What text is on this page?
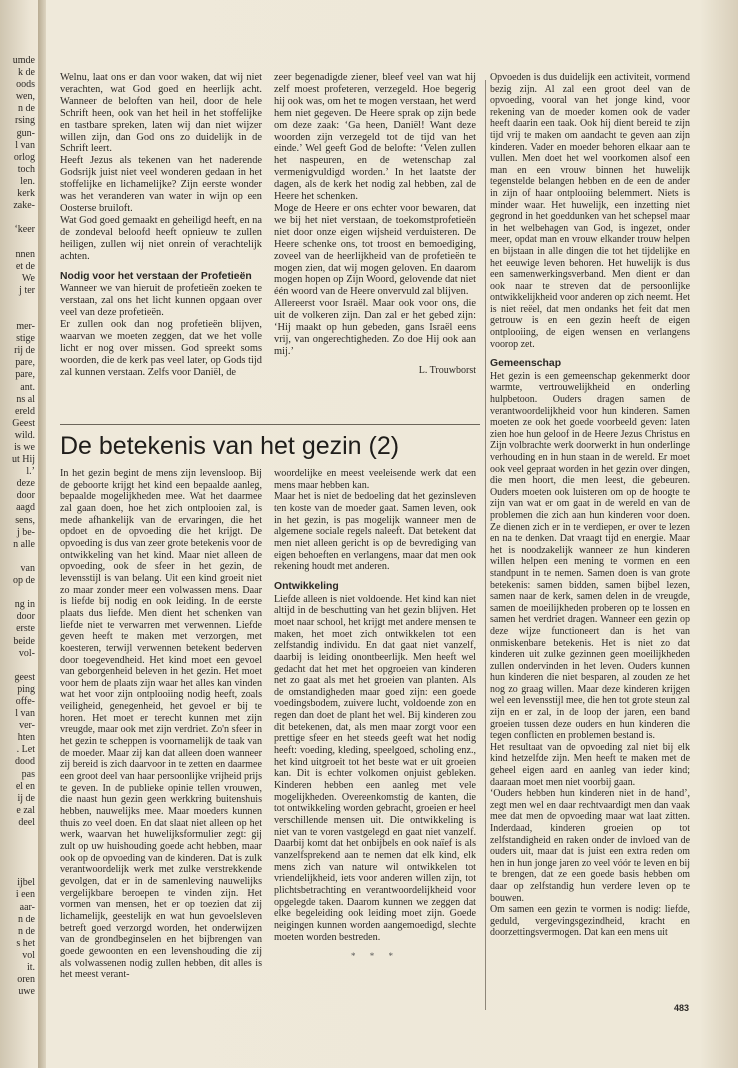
umde
k de
oods
wen,
n de
rsing
gun-
l van
orlog
toch
len.
kerk
zake-
‘keer
nnen
et de
We
j ter
mer-
stige
rij de
pare,
pare,
ant.
ns al
ereld
Geest
wild.
is we
ut Hij
l.’
deze
door
aagd
sens,
j be-
n alle
van
op de
ng in
door
erste
beide
vol-
geest
ping
offe-
l van
ver-
hten
. Let
dood
pas
el en
ij de
e zal
deel
ijbel
i een
aar-
n de
n de
s het
vol
it.
oren
uwe

Welnu, laat ons er dan voor waken, dat wij niet verachten, wat God goed en heerlijk acht. Wanneer de beloften van heil, door de hele Schrift heen, ook van het heil in het stoffelijke en tastbare spreken, laten wij dan niet wijzer willen zijn, dan God ons zo duidelijk in de Schrift leert.

Heeft Jezus als tekenen van het naderende Godsrijk juist niet veel wonderen gedaan in het stoffelijke en lichamelijke? Zijn eerste wonder was het veranderen van water in wijn op een Oosterse bruiloft.

Wat God goed gemaakt en geheiligd heeft, en na de zondeval beloofd heeft opnieuw te zullen heiligen, zullen wij niet onrein of verachtelijk achten.

Nodig voor het verstaan der Profetieën

Wanneer we van hieruit de profetieën zoeken te verstaan, zal ons het licht kunnen opgaan over veel van deze profetieën.

Er zullen ook dan nog profetieën blijven, waarvan we moeten zeggen, dat we het volle licht er nog over missen. God spreekt soms woorden, die de kerk pas veel later, op Gods tijd zal kunnen verstaan. Zelfs voor Daniël, de

zeer begenadigde ziener, bleef veel van wat hij zelf moest profeteren, verzegeld. Hoe begerig hij ook was, om het te mogen verstaan, het werd hem niet gegeven. De Heere sprak op zijn bede om deze zaak: ‘Ga heen, Daniël! Want deze woorden zijn verzegeld tot de tijd van het einde.’ Wel geeft God de belofte: ‘Velen zullen het naspeuren, en de wetenschap zal vermenigvuldigd worden.’ In het laatste der dagen, als de kerk het nodig zal hebben, zal de Heere het schenken.

Moge de Heere er ons echter voor bewaren, dat we bij het niet verstaan, de toekomstprofetieën niet door onze eigen wijsheid verduisteren. De Heere schenke ons, tot troost en bemoediging, zoveel van de heerlijkheid van de profetieën te mogen zien, dat wij mogen geloven. En daarom mogen hopen op Zijn Woord, gelovende dat niet één woord van de Heere onvervuld zal blijven.

Allereerst voor Israël. Maar ook voor ons, die uit de volkeren zijn. Dan zal er het gebed zijn: ‘Hij maakt op hun gebeden, gans Israël eens vrij, van ongerechtigheden. Zo doe Hij ook aan mij.’

L. Trouwborst
De betekenis van het gezin (2)

In het gezin begint de mens zijn levensloop. Bij de geboorte krijgt het kind een bepaalde aanleg, bepaalde mogelijkheden mee. Wat het daarmee zal gaan doen, hoe het zich ontplooien zal, is mede afhankelijk van de ervaringen, die het opdoet en de opvoeding die het krijgt. De opvoeding is dus van zeer grote betekenis voor de ontwikkeling van het kind. Maar niet alleen de opvoeding, ook de sfeer in het gezin, de levensstijl is van belang. Uit een kind groeit niet zo maar zonder meer een volwassen mens. Daar is liefde bij nodig en ook leiding. In de eerste plaats dus liefde. Men dient het schenken van liefde niet te verwarren met verwennen. Liefde geven heeft te maken met verzorgen, met koesteren, terwijl verwennen betekent bederven door toegevendheid. Het kind moet een gevoel van geborgenheid beleven in het gezin. Het moet voor hem de plaats zijn waar het alles kan vinden wat het voor zijn ontplooiing nodig heeft, zoals veiligheid, genegenheid, het gevoel er bij te horen. Het moet er terecht kunnen met zijn vreugde, maar ook met zijn verdriet. Zo'n sfeer in het gezin te scheppen is voornamelijk de taak van de moeder. Maar zij kan dat alleen doen wanneer zij bereid is zich daarvoor in te zetten en daarmee een groot deel van haar persoonlijke vrijheid prijs te geven. In de publieke opinie tellen vrouwen, die naast hun gezin geen werkkring buitenshuis hebben, nauwelijks mee. Maar moeders kunnen thuis zo veel doen. En dat slaat niet alleen op het werk, waarvan het huwelijksformulier zegt: gij zult op uw huishouding goede acht hebben, maar ook op de opvoeding van de kinderen. Dat is zulk verantwoordelijk werk met zulke verstrekkende gevolgen, dat er in de samenleving nauwelijks vergelijkbare beroepen te vinden zijn. Het vormen van mensen, het er op toezien dat zij lichamelijk, geestelijk en wat hun gevoelsleven betreft goed verzorgd worden, het onderwijzen van de grondbeginselen en het bijbrengen van goede gewoonten en een levenshouding die zij als volwassenen nodig zullen hebben, dit alles is het meest verant-

woordelijke en meest veeleisende werk dat een mens maar hebben kan.

Maar het is niet de bedoeling dat het gezinsleven ten koste van de moeder gaat. Samen leven, ook in het gezin, is pas mogelijk wanneer men de algemene sociale regels naleeft. Dat betekent dat men niet alleen gericht is op de bevrediging van eigen behoeften en verlangens, maar dat men ook rekening houdt met anderen.

Ontwikkeling

Liefde alleen is niet voldoende. Het kind kan niet altijd in de beschutting van het gezin blijven. Het moet naar school, het krijgt met andere mensen te maken, het moet zich ontwikkelen tot een zelfstandig individu. En dat gaat niet vanzelf, daarbij is leiding onontbeerlijk. Men heeft wel gedacht dat het met het opgroeien van kinderen net zo gaat als met het groeien van planten. Als de omstandigheden maar goed zijn: een goede voedingsbodem, zuivere lucht, voldoende zon en regen dan doet de plant het wel. Bij kinderen zou dit betekenen, dat, als men maar zorgt voor een prettige sfeer en het steeds geeft wat het nodig heeft: voeding, kleding, speelgoed, scholing enz., het kind uitgroeit tot het beste wat er uit groeien kan. Dit is echter volkomen onjuist gebleken. Kinderen hebben een aanleg met vele mogelijkheden. Overeenkomstig de kanten, die tot ontwikkeling worden gebracht, groeien er heel verschillende mensen uit. Die ontwikkeling is niet van te voren vastgelegd en gaat niet vanzelf. Daarbij komt dat het onbijbels en ook naïef is als vanzelfsprekend aan te nemen dat elk kind, elk mens zich van nature wil ontwikkelen tot vriendelijkheid, iets voor anderen willen zijn, tot plichtsbetrachting en verantwoordelijkheid voor opgelegde taken. Daarom kunnen we zeggen dat elke begeleiding ook leiding moet zijn. Goede neigingen kunnen worden aangemoedigd, slechte moeten worden bestreden.

* * *

Opvoeden is dus duidelijk een activiteit, vormend bezig zijn. Al zal een groot deel van de opvoeding, vooral van het jonge kind, voor rekening van de moeder komen ook de vader heeft daarin een taak. Ook hij dient bereid te zijn tijd vrij te maken om aandacht te geven aan zijn kinderen. Vader en moeder behoren elkaar aan te vullen. Men doet het wel voorkomen alsof een man en een vrouw binnen het huwelijk tegenstelde belangen hebben en de een de ander in zijn of haar ontplooiing belemmert. Niets is minder waar. Het huwelijk, een inzetting niet gegrond in het goeddunken van het schepsel maar in het welbehagen van God, is ingezet, onder meer, opdat man en vrouw elkander trouw helpen en bijstaan in alle dingen die tot het tijdelijke en het eeuwige leven behoren. Het huwelijk is dus een samenwerkingsverband. Men dient er dan ook naar te streven dat de persoonlijke ontwikkelijkheid voor anderen op zich neemt. Het is niet reëel, dat men ondanks het feit dat men getrouw is en een gezin heeft de eigen ontplooiing, de eigen wensen en verlangens voorop zet.

Gemeenschap

Het gezin is een gemeenschap gekenmerkt door warmte, vertrouwelijkheid en onderling hulpbetoon. Ouders dragen samen de verantwoordelijkheid voor hun kinderen. Samen moeten ze ook het goede voorbeeld geven: laten zien hoe hun geloof in de Heere Jezus Christus en Zijn volbrachte werk doorwerkt in hun onderlinge verhouding en in hun staan in de wereld. Er moet ook veel gepraat worden in het gezin over dingen, die men hoort, die men leest, die gebeuren. Ouders moeten ook luisteren om op de hoogte te zijn van wat er om gaat in de wereld en van de problemen die zich aan hun kinderen voor doen. Ze dienen zich er in te verdiepen, er over te lezen en na te denken. Dat vraagt tijd en energie. Maar het is noodzakelijk wanneer ze hun kinderen willen helpen een mening te vormen en een standpunt in te nemen. Samen doen is van grote betekenis: samen bidden, samen bijbel lezen, samen naar de kerk, samen delen in de vreugde, samen de moeilijkheden proberen op te lossen en samen het verdriet dragen. Wanneer een gezin op deze wijze functioneert dan is het van onmiskenbare betekenis. Het is niet zo dat kinderen uit zulke gezinnen geen moeilijkheden zullen ondervinden in het leven. Ouders kunnen hun kinderen die niet besparen, al zouden ze het nog zo graag willen. Maar deze kinderen krijgen wel een levensstijl mee, die hen tot grote steun zal zijn en er zal, in de loop der jaren, een band groeien tussen deze ouders en hun kinderen die tegen conflicten en problemen bestand is.

Het resultaat van de opvoeding zal niet bij elk kind hetzelfde zijn. Men heeft te maken met de geheel eigen aard en aanleg van ieder kind; daaraan moet men niet voorbij gaan.

‘Ouders hebben hun kinderen niet in de hand’, zegt men wel en daar rechtvaardigt men dan vaak mee dat men de opvoeding maar wat laat zitten. Inderdaad, kinderen groeien op tot zelfstandigheid en raken onder de invloed van de ouders uit, maar dat is juist een extra reden om hen in hun jonge jaren zo veel vóór te leven en bij te brengen, dat ze een goede basis hebben om daar op zelfstandig hun verdere leven op te bouwen.

Om samen een gezin te vormen is nodig: liefde, geduld, vergevingsgezindheid, kracht en doorzettingsvermogen. Dat kan een mens uit

483
